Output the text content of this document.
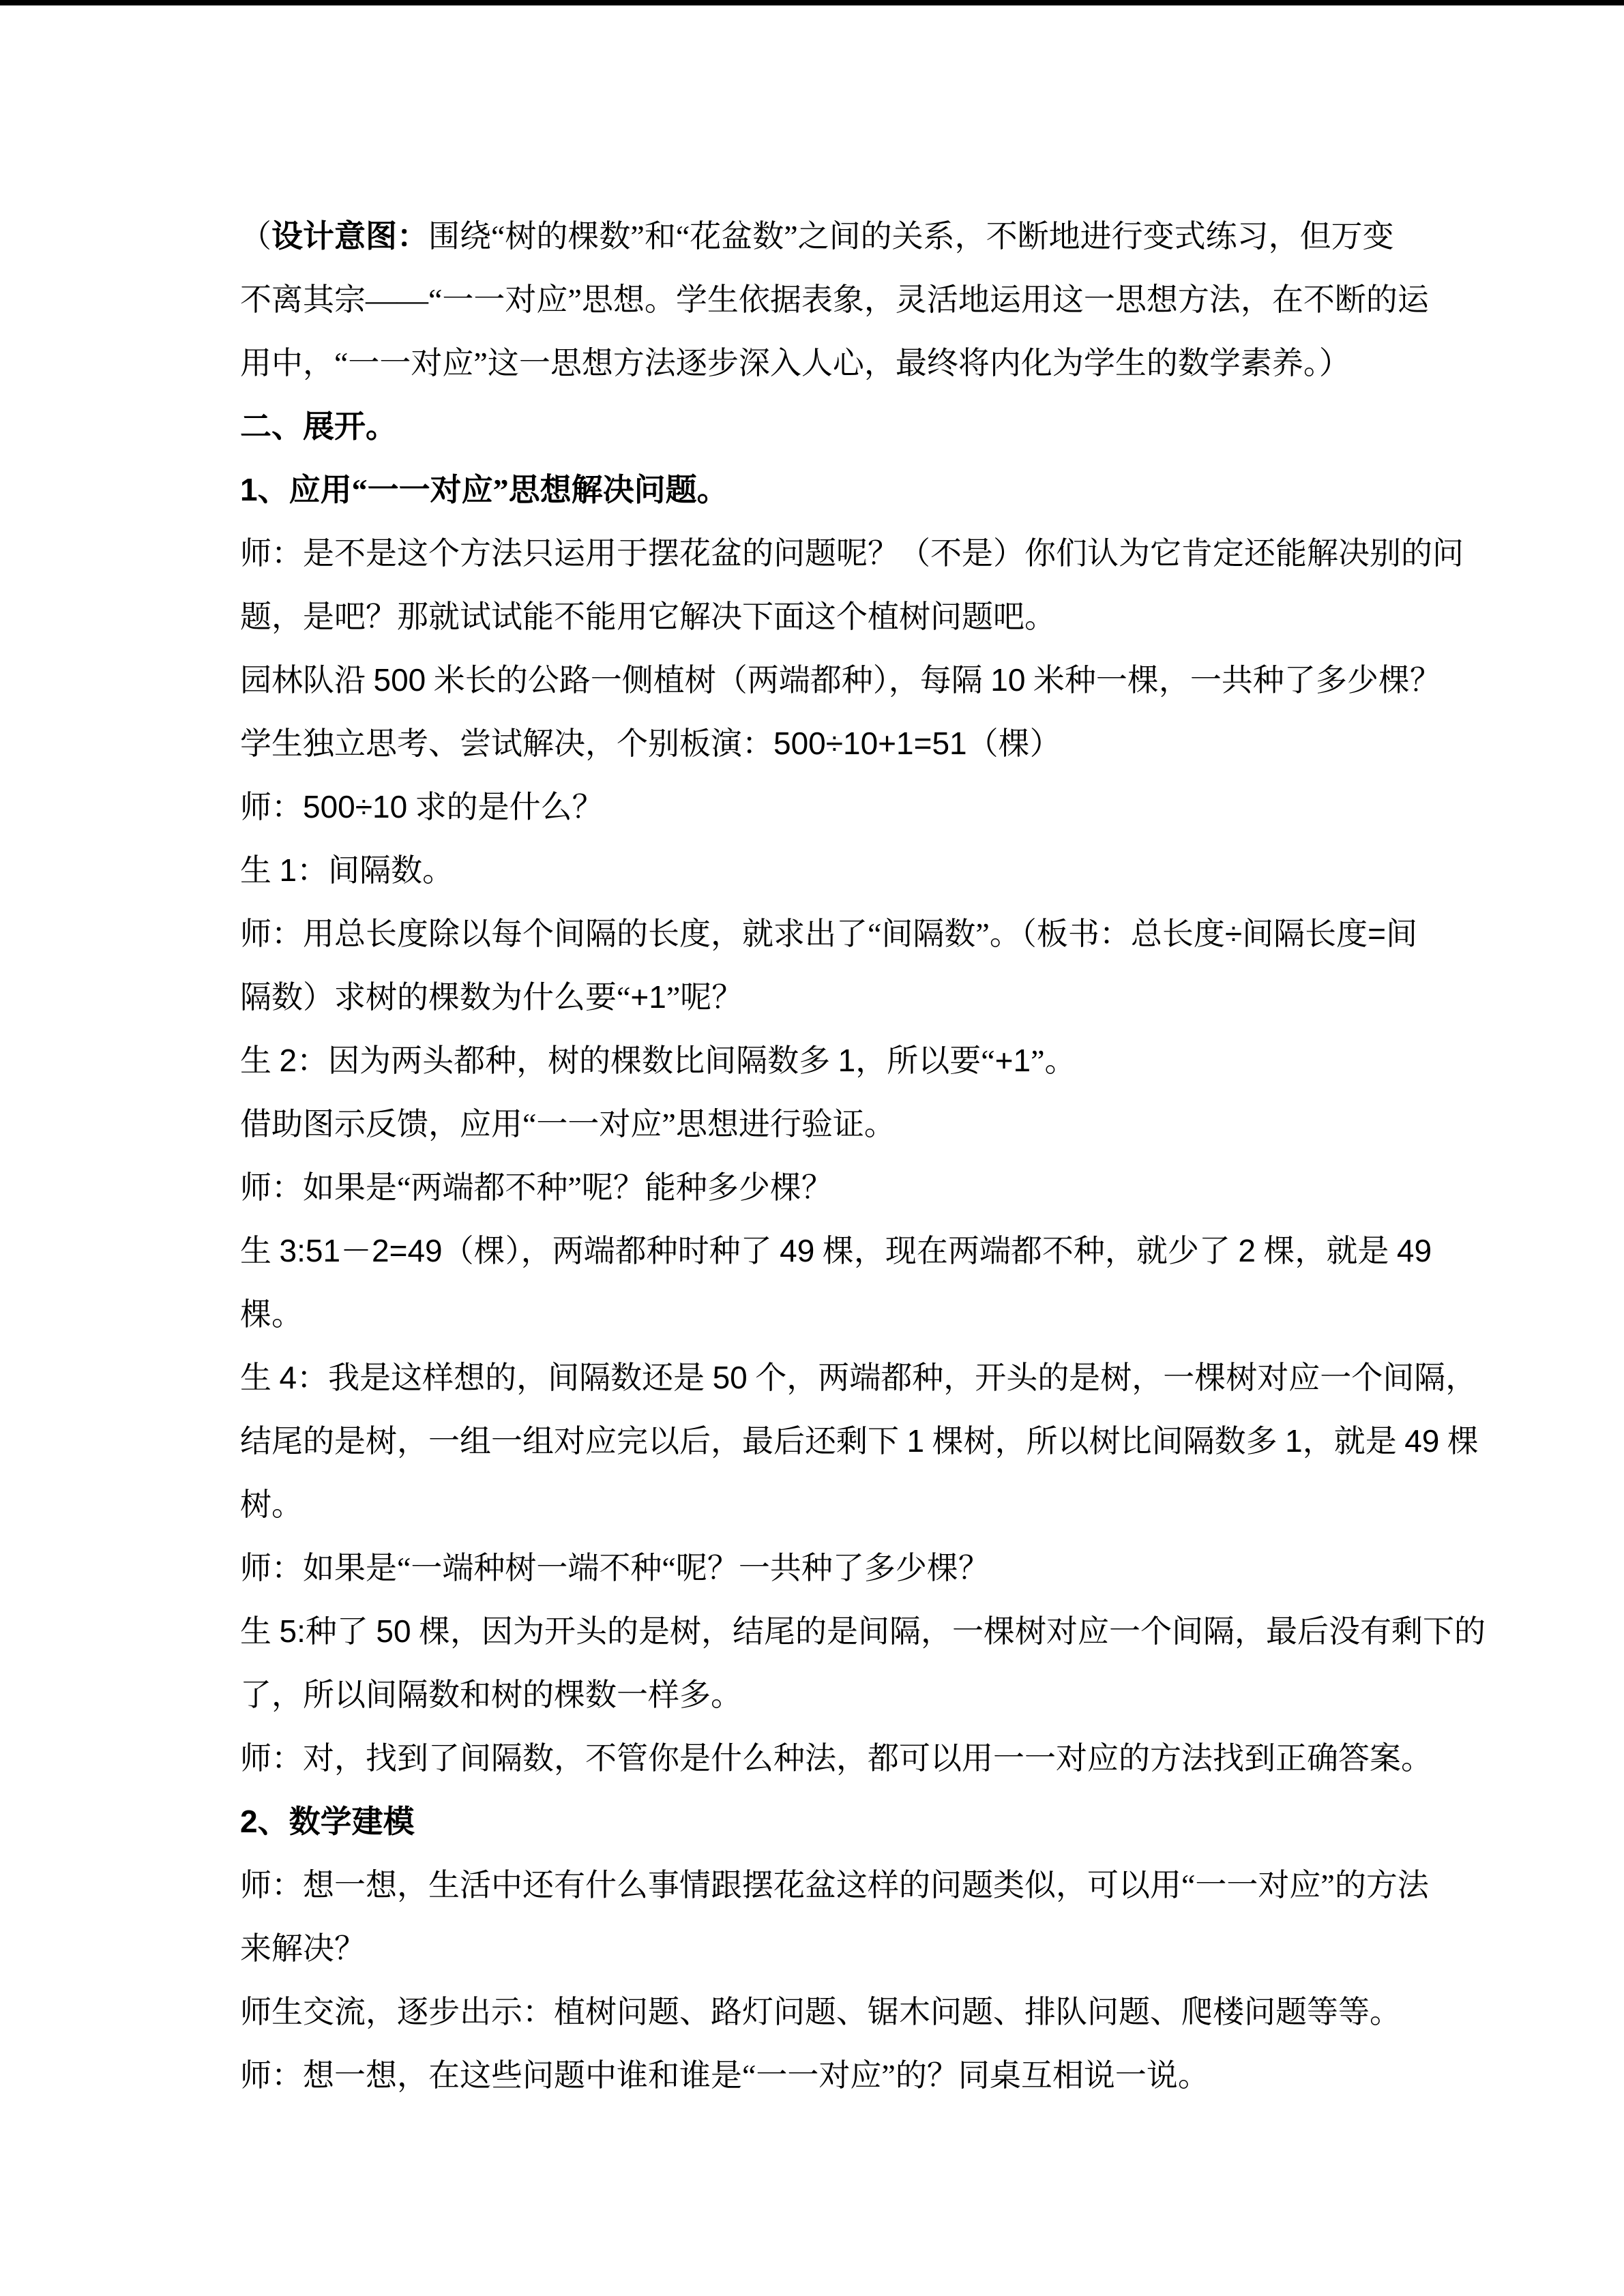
（设计意图：围绕“树的棵数”和“花盆数”之间的关系，不断地进行变式练习，但万变
不离其宗——“一一对应”思想。学生依据表象，灵活地运用这一思想方法，在不断的运
用中，“一一对应”这一思想方法逐步深入人心，最终将内化为学生的数学素养。）
二、展开。
1、应用“一一对应”思想解决问题。
师：是不是这个方法只运用于摆花盆的问题呢？（不是）你们认为它肯定还能解决别的问
题，是吧？那就试试能不能用它解决下面这个植树问题吧。
园林队沿 500 米长的公路一侧植树（两端都种），每隔 10 米种一棵，一共种了多少棵？
学生独立思考、尝试解决，个别板演：500÷10+1=51（棵）
师：500÷10 求的是什么？
生 1：间隔数。
师：用总长度除以每个间隔的长度，就求出了“间隔数”。（板书：总长度÷间隔长度=间
隔数）求树的棵数为什么要“+1”呢？
生 2：因为两头都种，树的棵数比间隔数多 1，所以要“+1”。
借助图示反馈，应用“一一对应”思想进行验证。
师：如果是“两端都不种”呢？能种多少棵？
生 3:51－2=49（棵），两端都种时种了 49 棵，现在两端都不种，就少了 2 棵，就是 49
棵。
生 4：我是这样想的，间隔数还是 50 个，两端都种，开头的是树，一棵树对应一个间隔，
结尾的是树，一组一组对应完以后，最后还剩下 1 棵树，所以树比间隔数多 1，就是 49 棵
树。
师：如果是“一端种树一端不种“呢？一共种了多少棵？
生 5:种了 50 棵，因为开头的是树，结尾的是间隔，一棵树对应一个间隔，最后没有剩下的
了，所以间隔数和树的棵数一样多。
师：对，找到了间隔数，不管你是什么种法，都可以用一一对应的方法找到正确答案。
2、数学建模
师：想一想，生活中还有什么事情跟摆花盆这样的问题类似，可以用“一一对应”的方法
来解决？
师生交流，逐步出示：植树问题、路灯问题、锯木问题、排队问题、爬楼问题等等。
师：想一想，在这些问题中谁和谁是“一一对应”的？同桌互相说一说。
